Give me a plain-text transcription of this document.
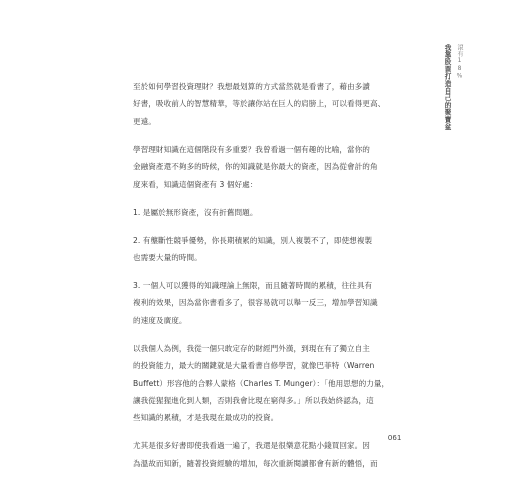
滾有18%
我靠股票打造自己的聚寶盆

至於如何學習投資理財？我想最划算的方式當然就是看書了，藉由多讀
好書，吸收前人的智慧精華，等於讓你站在巨人的肩膀上，可以看得更高、
更遠。

學習理財知識在這個階段有多重要？我曾看過一個有趣的比喻，當你的
金融資產還不夠多的時候，你的知識就是你最大的資產，因為從會計的角
度來看，知識這個資產有 3 個好處：

1. 是屬於無形資產，沒有折舊問題。

2. 有壟斷性競爭優勢，你長期積累的知識，別人複製不了，即使想複製
也需要大量的時間。

3. 一個人可以獲得的知識理論上無限，而且隨著時間的累積，往往具有
複利的效果，因為當你書看多了，很容易就可以舉一反三，增加學習知識
的速度及廣度。

以我個人為例，我從一個只敢定存的財經門外漢，到現在有了獨立自主
的投資能力，最大的關鍵就是大量看書自修學習，就像巴菲特（Warren
Buffett）形容他的合夥人蒙格（Charles T. Munger）：「他用思想的力量，
讓我從猩猩進化到人類，否則我會比現在窮得多。」所以我始終認為，這
些知識的累積，才是我現在最成功的投資。

尤其是很多好書即使我看過一遍了，我還是很樂意花點小錢買回家。因
為溫故而知新，隨著投資經驗的增加，每次重新閱讀都會有新的體悟，而

061
